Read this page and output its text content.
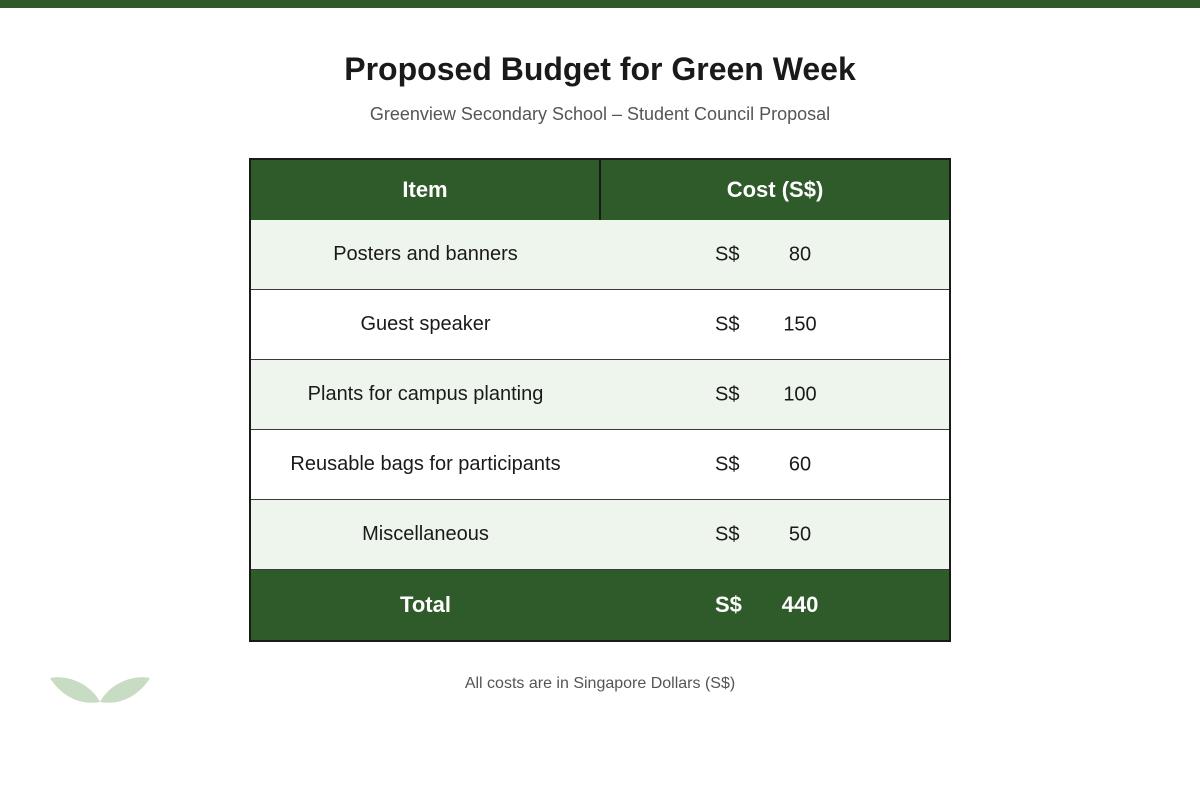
Proposed Budget for Green Week
Greenview Secondary School – Student Council Proposal
Item	Cost (S$)
Posters and banners	S$ 80

Guest speaker	S$ 150

Plants for campus planting	S$ 100

Reusable bags for participants	S$ 60

Miscellaneous	S$ 50

Total	S$ 440
All costs are in Singapore Dollars (S$)
